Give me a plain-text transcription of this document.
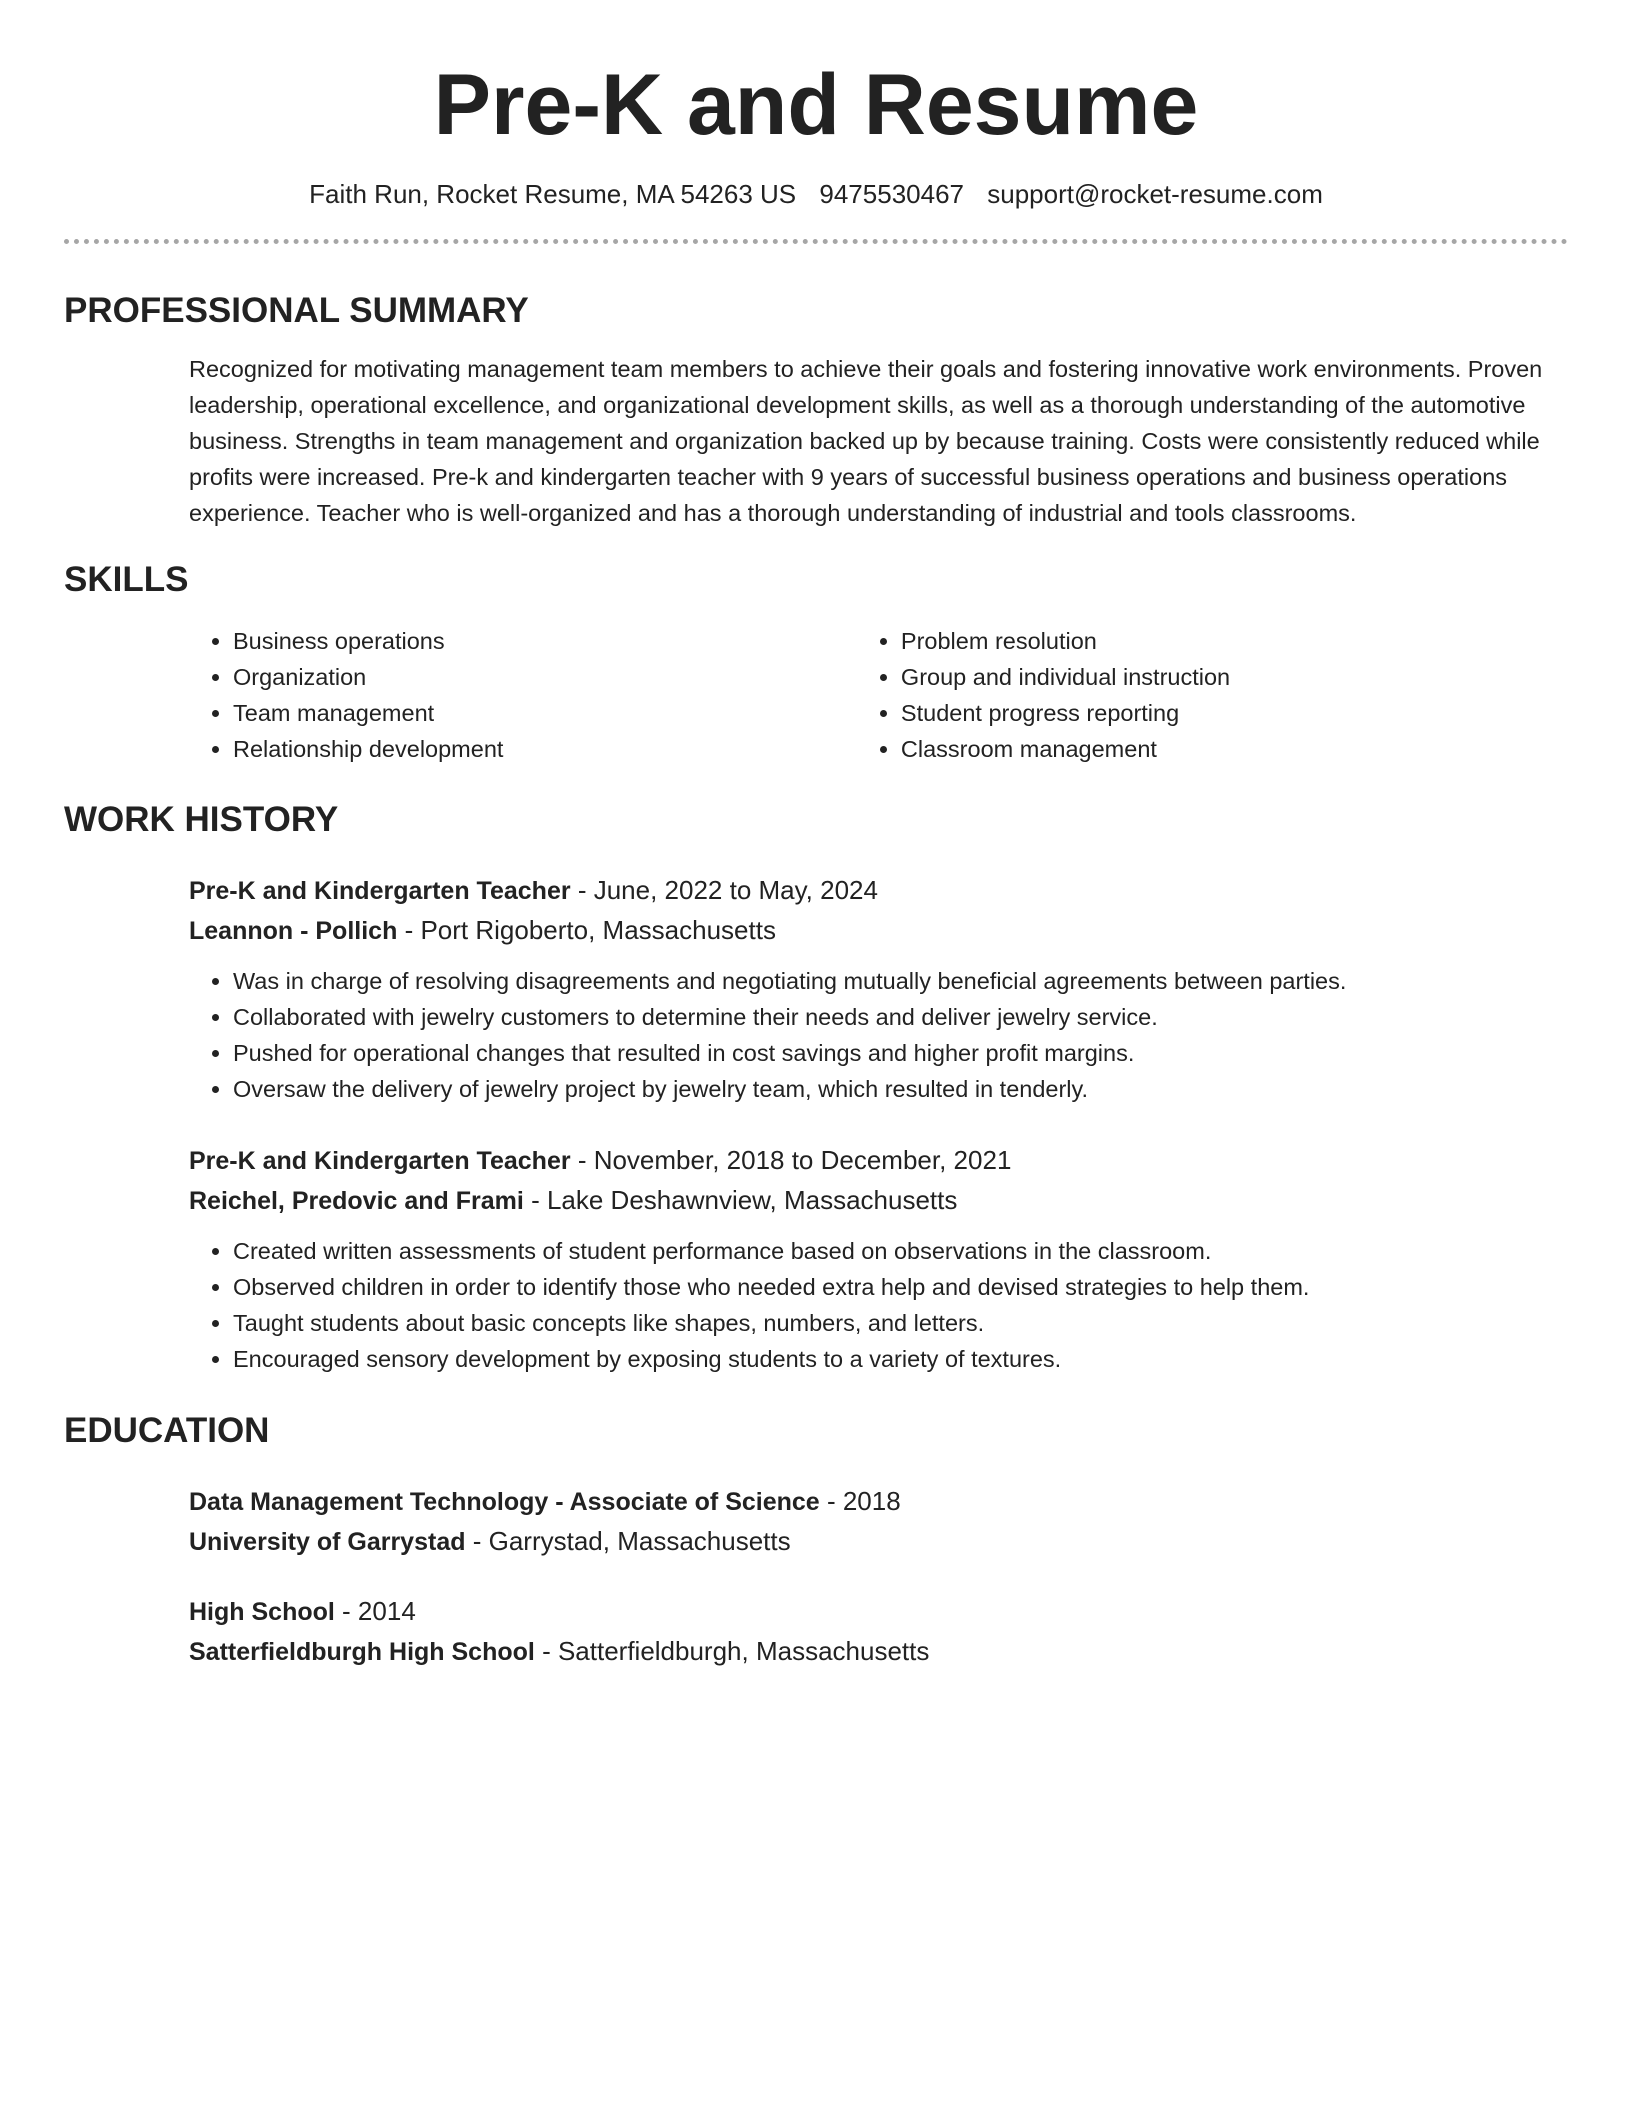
Pre-K and Resume
Faith Run, Rocket Resume, MA 54263 US 9475530467 support@rocket-resume.com
PROFESSIONAL SUMMARY
Recognized for motivating management team members to achieve their goals and fostering innovative work environments. Proven leadership, operational excellence, and organizational development skills, as well as a thorough understanding of the automotive business. Strengths in team management and organization backed up by because training. Costs were consistently reduced while profits were increased. Pre-k and kindergarten teacher with 9 years of successful business operations and business operations experience. Teacher who is well-organized and has a thorough understanding of industrial and tools classrooms.
SKILLS
• Business operations
• Organization
• Team management
• Relationship development
• Problem resolution
• Group and individual instruction
• Student progress reporting
• Classroom management
WORK HISTORY
Pre-K and Kindergarten Teacher - June, 2022 to May, 2024
Leannon - Pollich - Port Rigoberto, Massachusetts
• Was in charge of resolving disagreements and negotiating mutually beneficial agreements between parties.
• Collaborated with jewelry customers to determine their needs and deliver jewelry service.
• Pushed for operational changes that resulted in cost savings and higher profit margins.
• Oversaw the delivery of jewelry project by jewelry team, which resulted in tenderly.
Pre-K and Kindergarten Teacher - November, 2018 to December, 2021
Reichel, Predovic and Frami - Lake Deshawnview, Massachusetts
• Created written assessments of student performance based on observations in the classroom.
• Observed children in order to identify those who needed extra help and devised strategies to help them.
• Taught students about basic concepts like shapes, numbers, and letters.
• Encouraged sensory development by exposing students to a variety of textures.
EDUCATION
Data Management Technology - Associate of Science - 2018
University of Garrystad - Garrystad, Massachusetts
High School - 2014
Satterfieldburgh High School - Satterfieldburgh, Massachusetts
